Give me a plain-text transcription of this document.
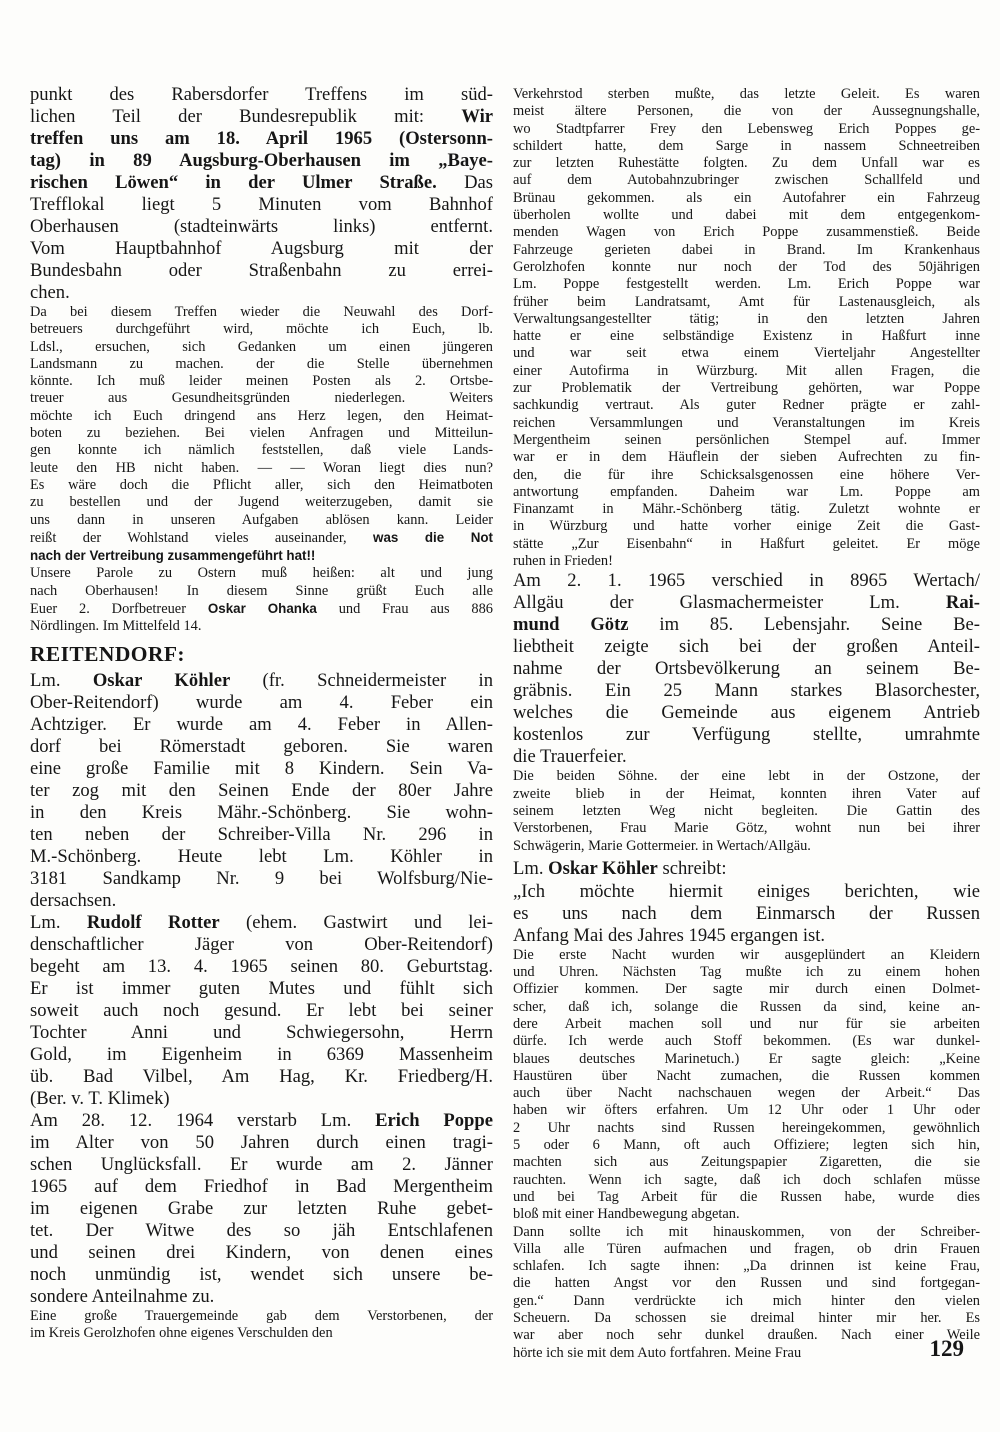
punkt des Rabersdorfer Treffens im süd-
lichen Teil der Bundesrepublik mit: Wir
treffen uns am 18. April 1965 (Ostersonn-
tag) in 89 Augsburg-Oberhausen im „Baye-
rischen Löwen“ in der Ulmer Straße. Das
Trefflokal liegt 5 Minuten vom Bahnhof
Oberhausen (stadteinwärts links) entfernt.
Vom Hauptbahnhof Augsburg mit der
Bundesbahn oder Straßenbahn zu errei-
chen.

Da bei diesem Treffen wieder die Neuwahl des Dorf-
betreuers durchgeführt wird, möchte ich Euch, lb.
Ldsl., ersuchen, sich Gedanken um einen jüngeren
Landsmann zu machen. der die Stelle übernehmen
könnte. Ich muß leider meinen Posten als 2. Ortsbe-
treuer aus Gesundheitsgründen niederlegen. Weiters
möchte ich Euch dringend ans Herz legen, den Heimat-
boten zu beziehen. Bei vielen Anfragen und Mitteilun-
gen konnte ich nämlich feststellen, daß viele Lands-
leute den HB nicht haben. — — Woran liegt dies nun?
Es wäre doch die Pflicht aller, sich den Heimatboten
zu bestellen und der Jugend weiterzugeben, damit sie
uns dann in unseren Aufgaben ablösen kann. Leider
reißt der Wohlstand vieles auseinander, was die Not
nach der Vertreibung zusammengeführt hat!!

Unsere Parole zu Ostern muß heißen: alt und jung
nach Oberhausen! In diesem Sinne grüßt Euch alle
Euer 2. Dorfbetreuer Oskar Ohanka und Frau aus 886
Nördlingen. Im Mittelfeld 14.

REITENDORF:

Lm. Oskar Köhler (fr. Schneidermeister in
Ober-Reitendorf) wurde am 4. Feber ein
Achtziger. Er wurde am 4. Feber in Allen-
dorf bei Römerstadt geboren. Sie waren
eine große Familie mit 8 Kindern. Sein Va-
ter zog mit den Seinen Ende der 80er Jahre
in den Kreis Mähr.-Schönberg. Sie wohn-
ten neben der Schreiber-Villa Nr. 296 in
M.-Schönberg. Heute lebt Lm. Köhler in
3181 Sandkamp Nr. 9 bei Wolfsburg/Nie-
dersachsen.

Lm. Rudolf Rotter (ehem. Gastwirt und lei-
denschaftlicher Jäger von Ober-Reitendorf)
begeht am 13. 4. 1965 seinen 80. Geburtstag.
Er ist immer guten Mutes und fühlt sich
soweit auch noch gesund. Er lebt bei seiner
Tochter Anni und Schwiegersohn, Herrn
Gold, im Eigenheim in 6369 Massenheim
üb. Bad Vilbel, Am Hag, Kr. Friedberg/H.
(Ber. v. T. Klimek)

Am 28. 12. 1964 verstarb Lm. Erich Poppe
im Alter von 50 Jahren durch einen tragi-
schen Unglücksfall. Er wurde am 2. Jänner
1965 auf dem Friedhof in Bad Mergentheim
im eigenen Grabe zur letzten Ruhe gebet-
tet. Der Witwe des so jäh Entschlafenen
und seinen drei Kindern, von denen eines
noch unmündig ist, wendet sich unsere be-
sondere Anteilnahme zu.

Eine große Trauergemeinde gab dem Verstorbenen, der
im Kreis Gerolzhofen ohne eigenes Verschulden den

Verkehrstod sterben mußte, das letzte Geleit. Es waren
meist ältere Personen, die von der Aussegnungshalle,
wo Stadtpfarrer Frey den Lebensweg Erich Poppes ge-
schildert hatte, dem Sarge in nassem Schneetreiben
zur letzten Ruhestätte folgten. Zu dem Unfall war es
auf dem Autobahnzubringer zwischen Schallfeld und
Brünau gekommen. als ein Autofahrer ein Fahrzeug
überholen wollte und dabei mit dem entgegenkom-
menden Wagen von Erich Poppe zusammenstieß. Beide
Fahrzeuge gerieten dabei in Brand. Im Krankenhaus
Gerolzhofen konnte nur noch der Tod des 50jährigen
Lm. Poppe festgestellt werden. Lm. Erich Poppe war
früher beim Landratsamt, Amt für Lastenausgleich, als
Verwaltungsangestellter tätig; in den letzten Jahren
hatte er eine selbständige Existenz in Haßfurt inne
und war seit etwa einem Vierteljahr Angestellter
einer Autofirma in Würzburg. Mit allen Fragen, die
zur Problematik der Vertreibung gehörten, war Poppe
sachkundig vertraut. Als guter Redner prägte er zahl-
reichen Versammlungen und Veranstaltungen im Kreis
Mergentheim seinen persönlichen Stempel auf. Immer
war er in dem Häuflein der sieben Aufrechten zu fin-
den, die für ihre Schicksalsgenossen eine höhere Ver-
antwortung empfanden. Daheim war Lm. Poppe am
Finanzamt in Mähr.-Schönberg tätig. Zuletzt wohnte er
in Würzburg und hatte vorher einige Zeit die Gast-
stätte „Zur Eisenbahn“ in Haßfurt geleitet. Er möge
ruhen in Frieden!

Am 2. 1. 1965 verschied in 8965 Wertach/
Allgäu der Glasmachermeister Lm. Rai-
mund Götz im 85. Lebensjahr. Seine Be-
liebtheit zeigte sich bei der großen Anteil-
nahme der Ortsbevölkerung an seinem Be-
gräbnis. Ein 25 Mann starkes Blasorchester,
welches die Gemeinde aus eigenem Antrieb
kostenlos zur Verfügung stellte, umrahmte
die Trauerfeier.

Die beiden Söhne. der eine lebt in der Ostzone, der
zweite blieb in der Heimat, konnten ihren Vater auf
seinem letzten Weg nicht begleiten. Die Gattin des
Verstorbenen, Frau Marie Götz, wohnt nun bei ihrer
Schwägerin, Marie Gottermeier. in Wertach/Allgäu.

Lm. Oskar Köhler schreibt:

„Ich möchte hiermit einiges berichten, wie
es uns nach dem Einmarsch der Russen
Anfang Mai des Jahres 1945 ergangen ist.

Die erste Nacht wurden wir ausgeplündert an Kleidern
und Uhren. Nächsten Tag mußte ich zu einem hohen
Offizier kommen. Der sagte mir durch einen Dolmet-
scher, daß ich, solange die Russen da sind, keine an-
dere Arbeit machen soll und nur für sie arbeiten
dürfe. Ich werde auch Stoff bekommen. (Es war dunkel-
blaues deutsches Marinetuch.) Er sagte gleich: „Keine
Haustüren über Nacht zumachen, die Russen kommen
auch über Nacht nachschauen wegen der Arbeit.“ Das
haben wir öfters erfahren. Um 12 Uhr oder 1 Uhr oder
2 Uhr nachts sind Russen hereingekommen, gewöhnlich
5 oder 6 Mann, oft auch Offiziere; legten sich hin,
machten sich aus Zeitungspapier Zigaretten, die sie
rauchten. Wenn ich sagte, daß ich doch schlafen müsse
und bei Tag Arbeit für die Russen habe, wurde dies
bloß mit einer Handbewegung abgetan.

Dann sollte ich mit hinauskommen, von der Schreiber-
Villa alle Türen aufmachen und fragen, ob drin Frauen
schlafen. Ich sagte ihnen: „Da drinnen ist keine Frau,
die hatten Angst vor den Russen und sind fortgegan-
gen.“ Dann verdrückte ich mich hinter den vielen
Scheuern. Da schossen sie dreimal hinter mir her. Es
war aber noch sehr dunkel draußen. Nach einer Weile
hörte ich sie mit dem Auto fortfahren. Meine Frau	129
